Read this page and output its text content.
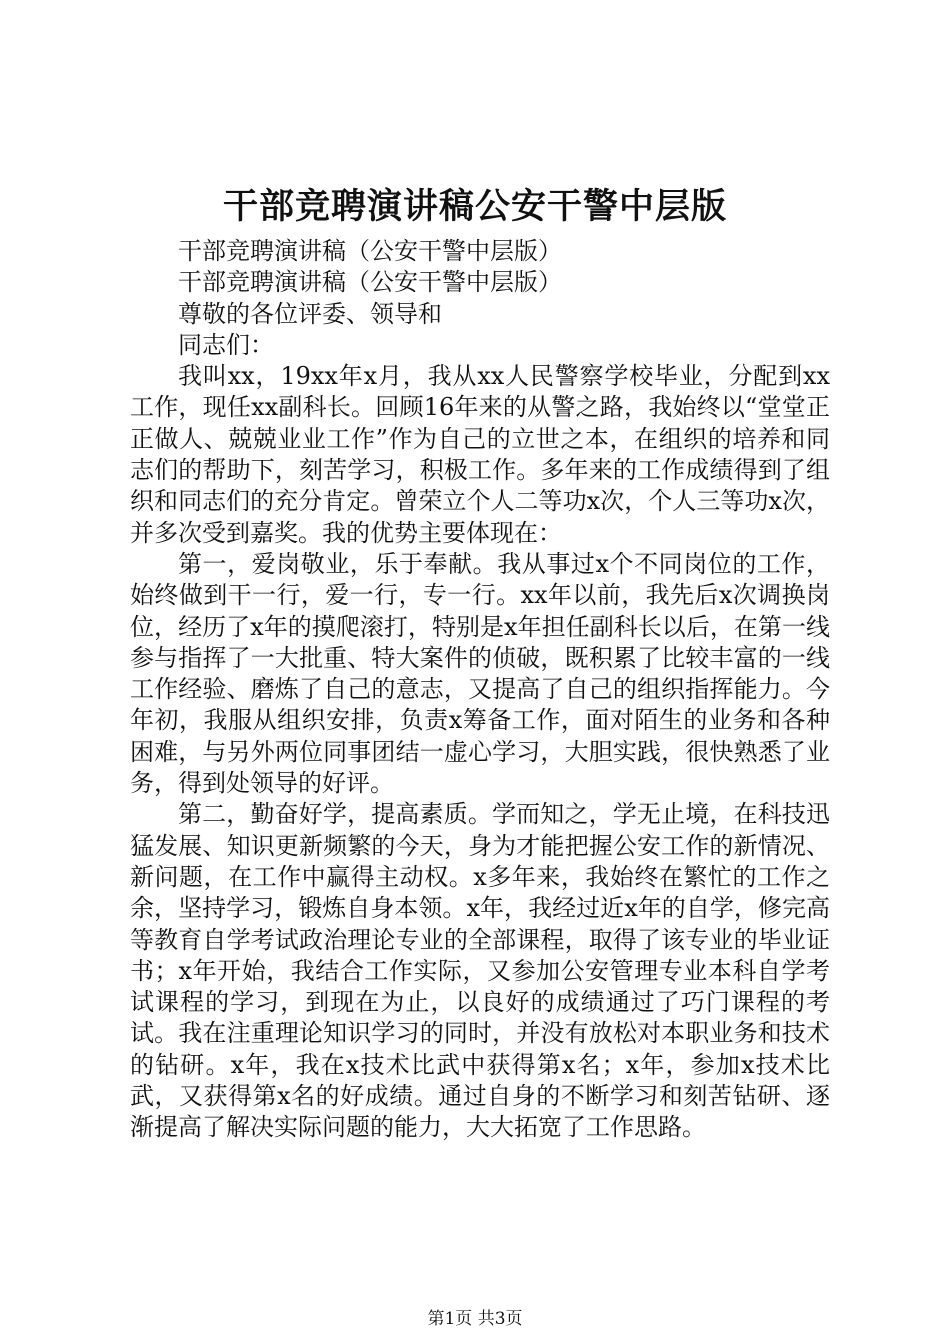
干部竞聘演讲稿公安干警中层版

干部竞聘演讲稿（公安干警中层版）

干部竞聘演讲稿（公安干警中层版）

尊敬的各位评委、领导和

同志们：

我叫xx，19xx年x月，我从xx人民警察学校毕业，分配到xx工作，现任xx副科长。回顾16年来的从警之路，我始终以“堂堂正正做人、兢兢业业工作”作为自己的立世之本，在组织的培养和同志们的帮助下，刻苦学习，积极工作。多年来的工作成绩得到了组织和同志们的充分肯定。曾荣立个人二等功x次，个人三等功x次，并多次受到嘉奖。我的优势主要体现在：

第一，爱岗敬业，乐于奉献。我从事过x个不同岗位的工作，始终做到干一行，爱一行，专一行。xx年以前，我先后x次调换岗位，经历了x年的摸爬滚打，特别是x年担任副科长以后，在第一线参与指挥了一大批重、特大案件的侦破，既积累了比较丰富的一线工作经验、磨炼了自己的意志，又提高了自己的组织指挥能力。今年初，我服从组织安排，负责x筹备工作，面对陌生的业务和各种困难，与另外两位同事团结一虚心学习，大胆实践，很快熟悉了业务，得到处领导的好评。

第二，勤奋好学，提高素质。学而知之，学无止境，在科技迅猛发展、知识更新频繁的今天，身为才能把握公安工作的新情况、新问题，在工作中赢得主动权。x多年来，我始终在繁忙的工作之余，坚持学习，锻炼自身本领。x年，我经过近x年的自学，修完高等教育自学考试政治理论专业的全部课程，取得了该专业的毕业证书；x年开始，我结合工作实际，又参加公安管理专业本科自学考试课程的学习，到现在为止，以良好的成绩通过了巧门课程的考试。我在注重理论知识学习的同时，并没有放松对本职业务和技术的钻研。x年，我在x技术比武中获得第x名；x年，参加x技术比武，又获得第x名的好成绩。通过自身的不断学习和刻苦钻研、逐渐提高了解决实际问题的能力，大大拓宽了工作思路。

第1页 共3页
